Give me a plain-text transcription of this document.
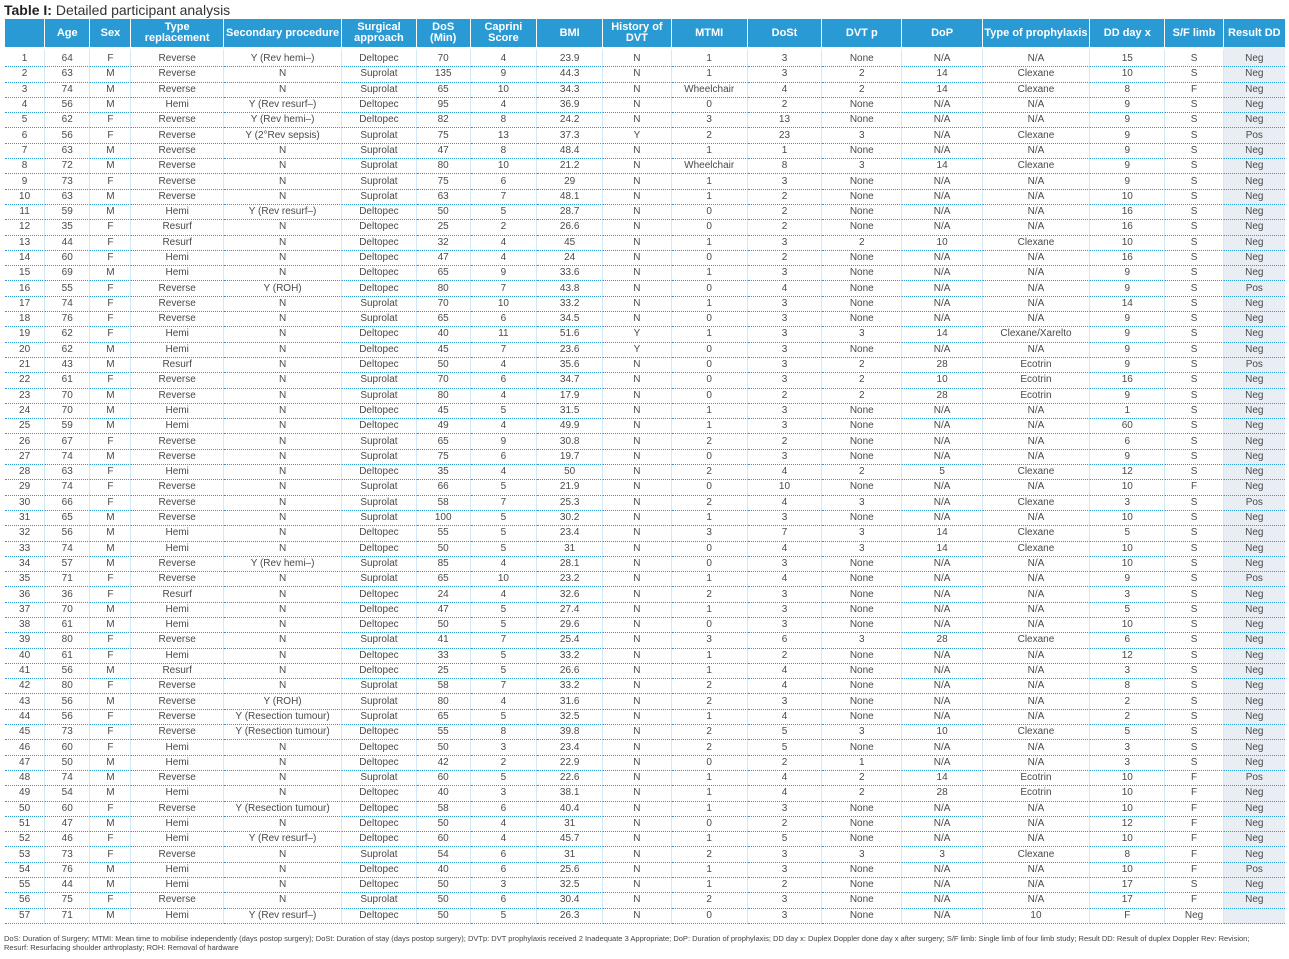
Table I: Detailed participant analysis
	Age	Sex	Type replacement	Secondary procedure	Surgical approach	DoS (Min)	Caprini Score	BMI	History of DVT	MTMI	DoSt	DVT p	DoP	Type of prophylaxis	DD day x	S/F limb	Result DD
1	64	F	Reverse	Y (Rev hemi–)	Deltopec	70	4	23.9	N	1	3	None	N/A	N/A	15	S	Neg
2	63	M	Reverse	N	Suprolat	135	9	44.3	N	1	3	2	14	Clexane	10	S	Neg
3	74	M	Reverse	N	Suprolat	65	10	34.3	N	Wheelchair	4	2	14	Clexane	8	F	Neg
4	56	M	Hemi	Y (Rev resurf–)	Deltopec	95	4	36.9	N	0	2	None	N/A	N/A	9	S	Neg
5	62	F	Reverse	Y (Rev hemi–)	Deltopec	82	8	24.2	N	3	13	None	N/A	N/A	9	S	Neg
6	56	F	Reverse	Y (2°Rev sepsis)	Suprolat	75	13	37.3	Y	2	23	3	N/A	Clexane	9	S	Pos
7	63	M	Reverse	N	Suprolat	47	8	48.4	N	1	1	None	N/A	N/A	9	S	Neg
8	72	M	Reverse	N	Suprolat	80	10	21.2	N	Wheelchair	8	3	14	Clexane	9	S	Neg
9	73	F	Reverse	N	Suprolat	75	6	29	N	1	3	None	N/A	N/A	9	S	Neg
10	63	M	Reverse	N	Suprolat	63	7	48.1	N	1	2	None	N/A	N/A	10	S	Neg
11	59	M	Hemi	Y (Rev resurf–)	Deltopec	50	5	28.7	N	0	2	None	N/A	N/A	16	S	Neg
12	35	F	Resurf	N	Deltopec	25	2	26.6	N	0	2	None	N/A	N/A	16	S	Neg
13	44	F	Resurf	N	Deltopec	32	4	45	N	1	3	2	10	Clexane	10	S	Neg
14	60	F	Hemi	N	Deltopec	47	4	24	N	0	2	None	N/A	N/A	16	S	Neg
15	69	M	Hemi	N	Deltopec	65	9	33.6	N	1	3	None	N/A	N/A	9	S	Neg
16	55	F	Reverse	Y (ROH)	Deltopec	80	7	43.8	N	0	4	None	N/A	N/A	9	S	Pos
17	74	F	Reverse	N	Suprolat	70	10	33.2	N	1	3	None	N/A	N/A	14	S	Neg
18	76	F	Reverse	N	Suprolat	65	6	34.5	N	0	3	None	N/A	N/A	9	S	Neg
19	62	F	Hemi	N	Deltopec	40	11	51.6	Y	1	3	3	14	Clexane/Xarelto	9	S	Neg
20	62	M	Hemi	N	Deltopec	45	7	23.6	Y	0	3	None	N/A	N/A	9	S	Neg
21	43	M	Resurf	N	Deltopec	50	4	35.6	N	0	3	2	28	Ecotrin	9	S	Pos
22	61	F	Reverse	N	Suprolat	70	6	34.7	N	0	3	2	10	Ecotrin	16	S	Neg
23	70	M	Reverse	N	Suprolat	80	4	17.9	N	0	2	2	28	Ecotrin	9	S	Neg
24	70	M	Hemi	N	Deltopec	45	5	31.5	N	1	3	None	N/A	N/A	1	S	Neg
25	59	M	Hemi	N	Deltopec	49	4	49.9	N	1	3	None	N/A	N/A	60	S	Neg
26	67	F	Reverse	N	Suprolat	65	9	30.8	N	2	2	None	N/A	N/A	6	S	Neg
27	74	M	Reverse	N	Suprolat	75	6	19.7	N	0	3	None	N/A	N/A	9	S	Neg
28	63	F	Hemi	N	Deltopec	35	4	50	N	2	4	2	5	Clexane	12	S	Neg
29	74	F	Reverse	N	Suprolat	66	5	21.9	N	0	10	None	N/A	N/A	10	F	Neg
30	66	F	Reverse	N	Suprolat	58	7	25.3	N	2	4	3	N/A	Clexane	3	S	Pos
31	65	M	Reverse	N	Suprolat	100	5	30.2	N	1	3	None	N/A	N/A	10	S	Neg
32	56	M	Hemi	N	Deltopec	55	5	23.4	N	3	7	3	14	Clexane	5	S	Neg
33	74	M	Hemi	N	Deltopec	50	5	31	N	0	4	3	14	Clexane	10	S	Neg
34	57	M	Reverse	Y (Rev hemi–)	Suprolat	85	4	28.1	N	0	3	None	N/A	N/A	10	S	Neg
35	71	F	Reverse	N	Suprolat	65	10	23.2	N	1	4	None	N/A	N/A	9	S	Pos
36	36	F	Resurf	N	Deltopec	24	4	32.6	N	2	3	None	N/A	N/A	3	S	Neg
37	70	M	Hemi	N	Deltopec	47	5	27.4	N	1	3	None	N/A	N/A	5	S	Neg
38	61	M	Hemi	N	Deltopec	50	5	29.6	N	0	3	None	N/A	N/A	10	S	Neg
39	80	F	Reverse	N	Suprolat	41	7	25.4	N	3	6	3	28	Clexane	6	S	Neg
40	61	F	Hemi	N	Deltopec	33	5	33.2	N	1	2	None	N/A	N/A	12	S	Neg
41	56	M	Resurf	N	Deltopec	25	5	26.6	N	1	4	None	N/A	N/A	3	S	Neg
42	80	F	Reverse	N	Suprolat	58	7	33.2	N	2	4	None	N/A	N/A	8	S	Neg
43	56	M	Reverse	Y (ROH)	Suprolat	80	4	31.6	N	2	3	None	N/A	N/A	2	S	Neg
44	56	F	Reverse	Y (Resection tumour)	Suprolat	65	5	32.5	N	1	4	None	N/A	N/A	2	S	Neg
45	73	F	Reverse	Y (Resection tumour)	Deltopec	55	8	39.8	N	2	5	3	10	Clexane	5	S	Neg
46	60	F	Hemi	N	Deltopec	50	3	23.4	N	2	5	None	N/A	N/A	3	S	Neg
47	50	M	Hemi	N	Deltopec	42	2	22.9	N	0	2	1	N/A	N/A	3	S	Neg
48	74	M	Reverse	N	Suprolat	60	5	22.6	N	1	4	2	14	Ecotrin	10	F	Pos
49	54	M	Hemi	N	Deltopec	40	3	38.1	N	1	4	2	28	Ecotrin	10	F	Neg
50	60	F	Reverse	Y (Resection tumour)	Deltopec	58	6	40.4	N	1	3	None	N/A	N/A	10	F	Neg
51	47	M	Hemi	N	Deltopec	50	4	31	N	0	2	None	N/A	N/A	12	F	Neg
52	46	F	Hemi	Y (Rev resurf–)	Deltopec	60	4	45.7	N	1	5	None	N/A	N/A	10	F	Neg
53	73	F	Reverse	N	Suprolat	54	6	31	N	2	3	3	3	Clexane	8	F	Neg
54	76	M	Hemi	N	Deltopec	40	6	25.6	N	1	3	None	N/A	N/A	10	F	Pos
55	44	M	Hemi	N	Deltopec	50	3	32.5	N	1	2	None	N/A	N/A	17	S	Neg
56	75	F	Reverse	N	Suprolat	50	6	30.4	N	2	3	None	N/A	N/A	17	F	Neg
57	71	M	Hemi	Y (Rev resurf–)	Deltopec	50	5	26.3	N	0	3	None	N/A	10	F	Neg	
DoS: Duration of Surgery; MTMI: Mean time to mobilise independently (days postop surgery); DoSt: Duration of stay (days postop surgery); DVTp: DVT prophylaxis received 2 Inadequate 3 Appropriate; DoP: Duration of prophylaxis; DD day x: Duplex Doppler done day x after surgery; S/F limb: Single limb of four limb study; Result DD: Result of duplex Doppler Rev: Revision;
Resurf: Resurfacing shoulder arthroplasty; ROH: Removal of hardware
